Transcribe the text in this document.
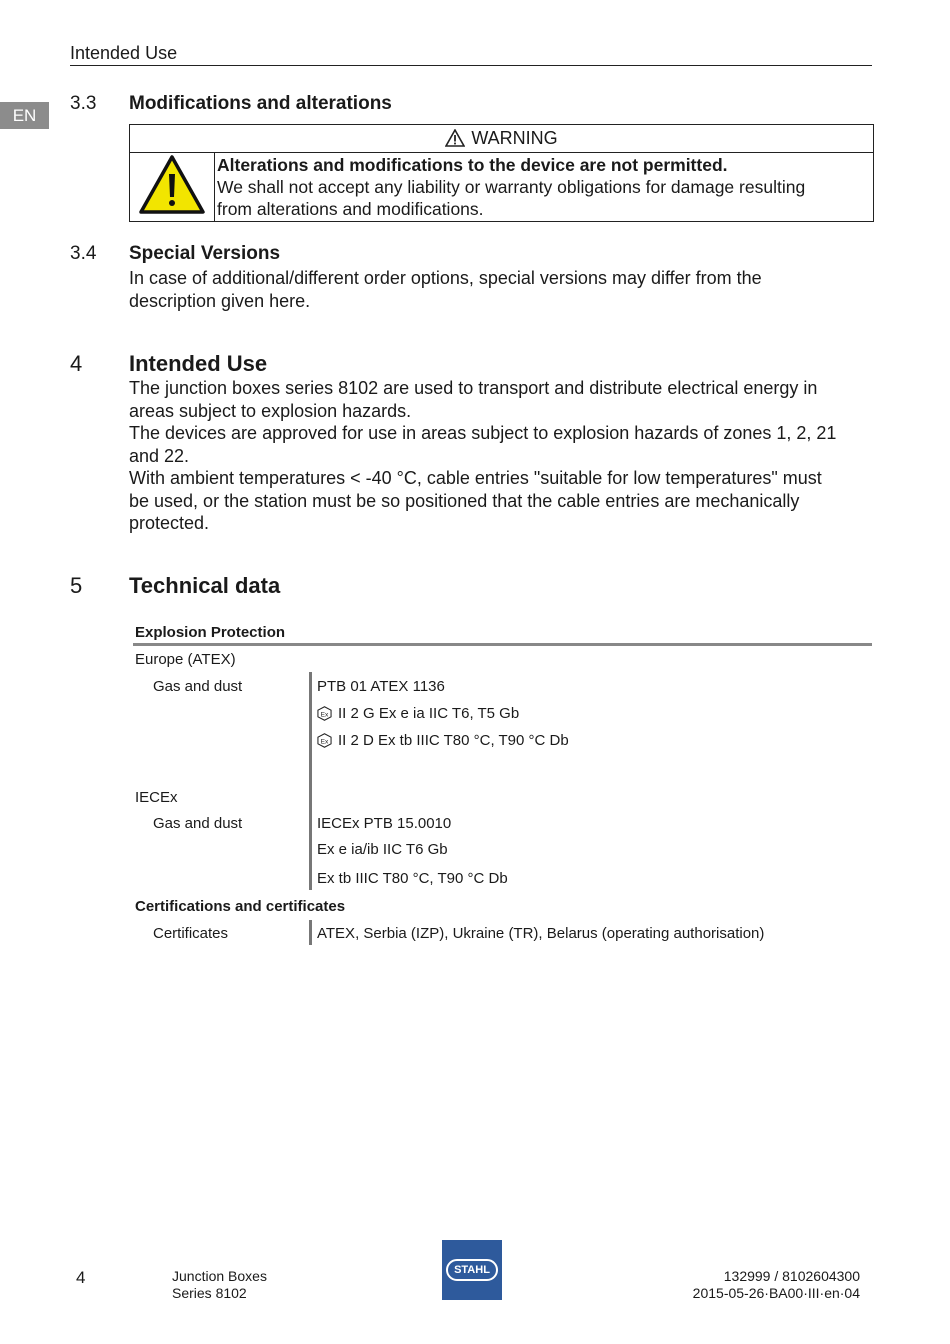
Intended Use
EN
3.3 Modifications and alterations
WARNING
Alterations and modifications to the device are not permitted.
We shall not accept any liability or warranty obligations for damage resulting
from alterations and modifications.
3.4 Special Versions
In case of additional/different order options, special versions may differ from the
description given here.
4 Intended Use
The junction boxes series 8102 are used to transport and distribute electrical energy in
areas subject to explosion hazards.
The devices are approved for use in areas subject to explosion hazards of zones 1, 2, 21
and 22.
With ambient temperatures < -40 °C, cable entries "suitable for low temperatures" must
be used, or the station must be so positioned that the cable entries are mechanically
protected.
5 Technical data
Explosion Protection
Europe (ATEX)
Gas and dust	PTB 01 ATEX 1136
Ex II 2 G Ex e ia IIC T6, T5 Gb
Ex II 2 D Ex tb IIIC T80 °C, T90 °C Db
IECEx
Gas and dust	IECEx PTB 15.0010
Ex e ia/ib IIC T6 Gb
Ex tb IIIC T80 °C, T90 °C Db
Certifications and certificates
Certificates	ATEX, Serbia (IZP), Ukraine (TR), Belarus (operating authorisation)
4	Junction Boxes
Series 8102
STAHL	132999 / 8102604300
2015-05-26·BA00·III·en·04
